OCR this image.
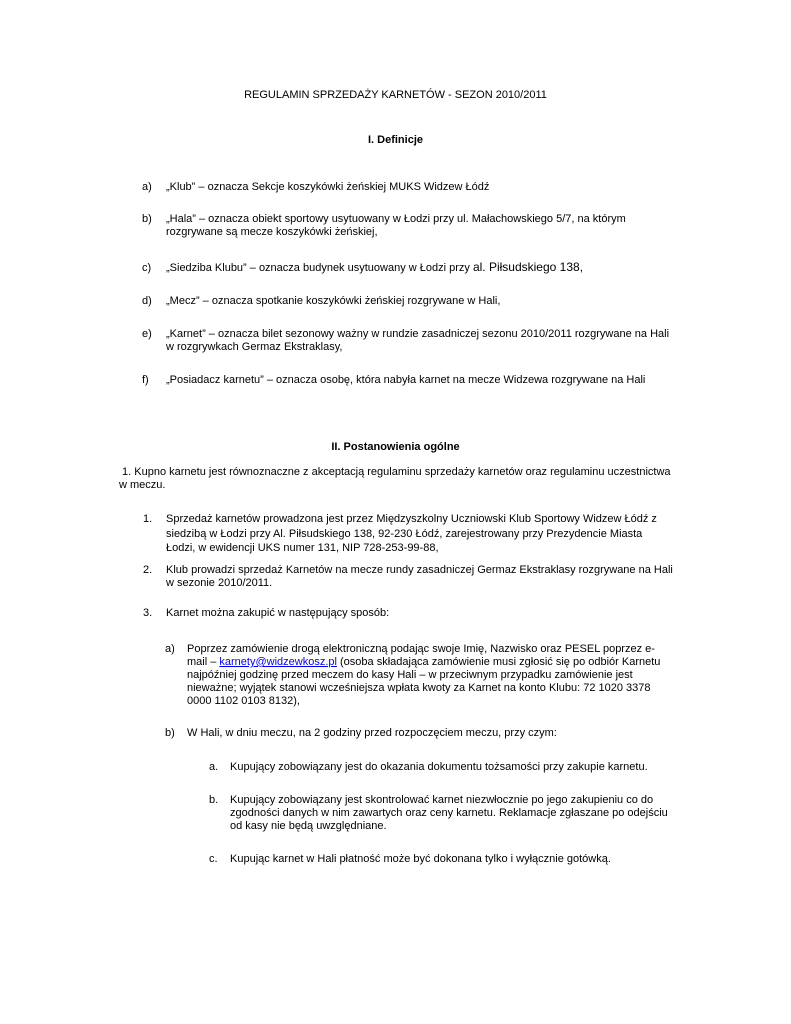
REGULAMIN SPRZEDAŻY KARNETÓW - SEZON 2010/2011

I. Definicje

a)	„Klub” – oznacza Sekcje koszykówki żeńskiej MUKS Widzew Łódź

b)	„Hala” – oznacza obiekt sportowy usytuowany w Łodzi przy ul. Małachowskiego 5/7, na którym

rozgrywane są mecze koszykówki żeńskiej,

c)	„Siedziba Klubu” – oznacza budynek usytuowany w Łodzi przy al. Piłsudskiego 138,

d)	„Mecz” – oznacza spotkanie koszykówki żeńskiej rozgrywane w Hali,

e)	„Karnet” – oznacza bilet sezonowy ważny w rundzie zasadniczej sezonu 2010/2011 rozgrywane na Hali

w rozgrywkach Germaz Ekstraklasy,

f)	„Posiadacz karnetu” – oznacza osobę, która nabyła karnet na mecze Widzewa rozgrywane na Hali

II. Postanowienia ogólne

1. Kupno karnetu jest równoznaczne z akceptacją regulaminu sprzedaży karnetów oraz regulaminu uczestnictwa

w meczu.

1.	Sprzedaż karnetów prowadzona jest przez Międzyszkolny Uczniowski Klub Sportowy Widzew Łódź z

siedzibą w Łodzi przy Al. Piłsudskiego 138, 92-230 Łódź, zarejestrowany przy Prezydencie Miasta

Łodzi, w ewidencji UKS numer 131, NIP 728-253-99-88,

2.	Klub prowadzi sprzedaż Karnetów na mecze rundy zasadniczej Germaz Ekstraklasy rozgrywane na Hali

w sezonie 2010/2011.

3.	Karnet można zakupić w następujący sposób:

a)	Poprzez zamówienie drogą elektroniczną podając swoje Imię, Nazwisko oraz PESEL poprzez e-

mail – karnety@widzewkosz.pl (osoba składająca zamówienie musi zgłosić się po odbiór Karnetu

najpóźniej godzinę przed meczem do kasy Hali – w przeciwnym przypadku zamówienie jest

nieważne; wyjątek stanowi wcześniejsza wpłata kwoty za Karnet na konto Klubu: 72 1020 3378

0000 1102 0103 8132),

b)	W Hali, w dniu meczu, na 2 godziny przed rozpoczęciem meczu, przy czym:

a.	Kupujący zobowiązany jest do okazania dokumentu tożsamości przy zakupie karnetu.

b.	Kupujący zobowiązany jest skontrolować karnet niezwłocznie po jego zakupieniu co do

zgodności danych w nim zawartych oraz ceny karnetu. Reklamacje zgłaszane po odejściu

od kasy nie będą uwzględniane.

c.	Kupując karnet w Hali płatność może być dokonana tylko i wyłącznie gotówką.
